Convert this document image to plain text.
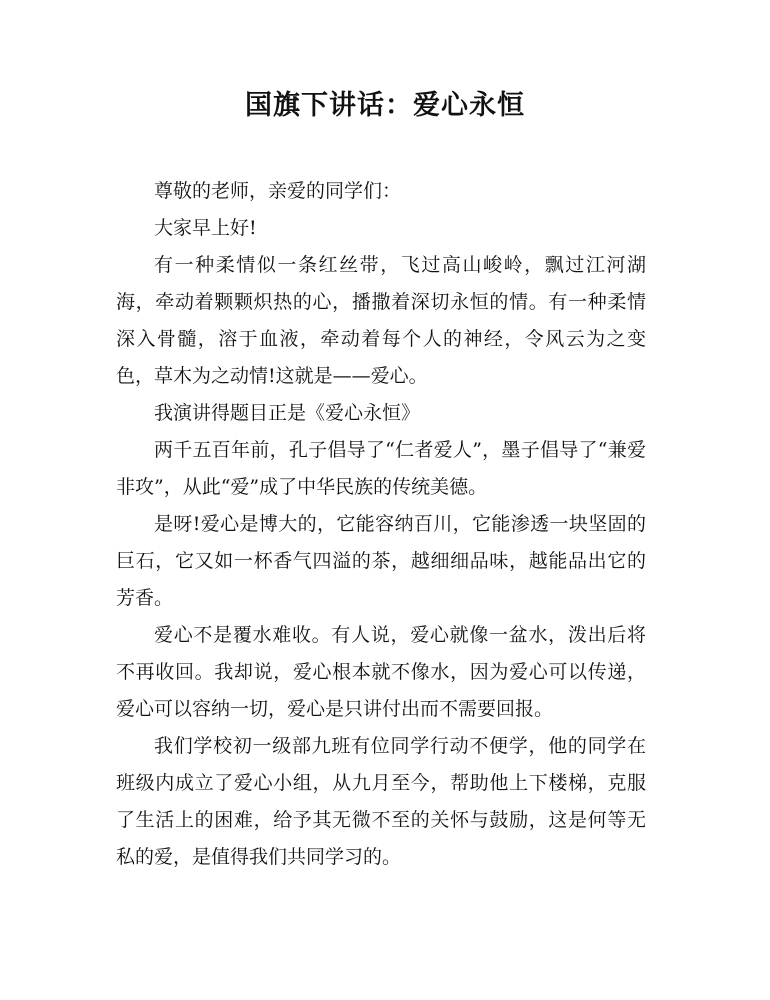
国旗下讲话：爱心永恒

尊敬的老师，亲爱的同学们：

大家早上好!

有一种柔情似一条红丝带，飞过高山峻岭，飘过江河湖海，牵动着颗颗炽热的心，播撒着深切永恒的情。有一种柔情深入骨髓，溶于血液，牵动着每个人的神经，令风云为之变色，草木为之动情!这就是——爱心。

我演讲得题目正是《爱心永恒》

两千五百年前，孔子倡导了“仁者爱人”，墨子倡导了“兼爱非攻”，从此“爱”成了中华民族的传统美德。

是呀!爱心是博大的，它能容纳百川，它能渗透一块坚固的巨石，它又如一杯香气四溢的茶，越细细品味，越能品出它的芳香。

爱心不是覆水难收。有人说，爱心就像一盆水，泼出后将不再收回。我却说，爱心根本就不像水，因为爱心可以传递，爱心可以容纳一切，爱心是只讲付出而不需要回报。

我们学校初一级部九班有位同学行动不便学，他的同学在班级内成立了爱心小组，从九月至今，帮助他上下楼梯，克服了生活上的困难，给予其无微不至的关怀与鼓励，这是何等无私的爱，是值得我们共同学习的。
